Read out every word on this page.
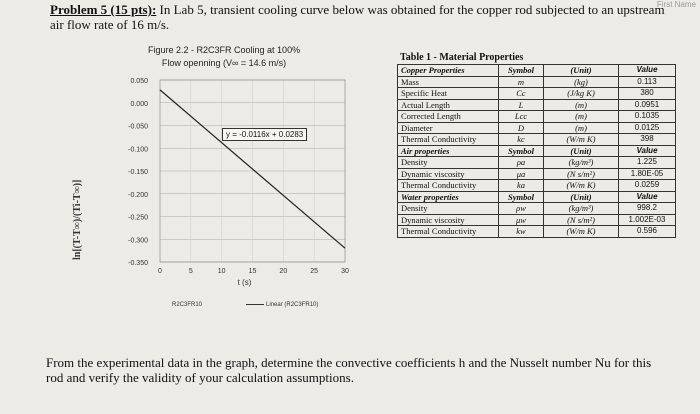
First Name
Problem 5 (15 pts): In Lab 5, transient cooling curve below was obtained for the copper rod subjected to an upstream air flow rate of 16 m/s.
Figure 2.2 - R2C3FR Cooling at 100%
Flow openning (V∞ = 14.6 m/s)
0.050
0.000
-0.050
-0.100
-0.150
-0.200
-0.250
-0.300
-0.350
0	5	10	15	20	25	30
t (s)
ln[(T-T∞)/(Ti-T∞)]
y = -0.0116x + 0.0283
R2C3FR10	Linear (R2C3FR10)
Table 1 - Material Properties
Copper Properties	Symbol	(Unit)	Value
Mass	m	(kg)	0.113
Specific Heat	Cc	(J/kg K)	380
Actual Length	L	(m)	0.0951
Corrected Length	Lcc	(m)	0.1035
Diameter	D	(m)	0.0125
Thermal Conductivity	kc	(W/m K)	398
Air properties	Symbol	(Unit)	Value
Density	ρa	(kg/m³)	1.225
Dynamic viscosity	μa	(N s/m²)	1.80E-05
Thermal Conductivity	ka	(W/m K)	0.0259
Water properties	Symbol	(Unit)	Value
Density	ρw	(kg/m³)	998.2
Dynamic viscosity	μw	(N s/m²)	1.002E-03
Thermal Conductivity	kw	(W/m K)	0.596
From the experimental data in the graph, determine the convective coefficients h and the Nusselt number Nu for this rod and verify the validity of your calculation assumptions.
